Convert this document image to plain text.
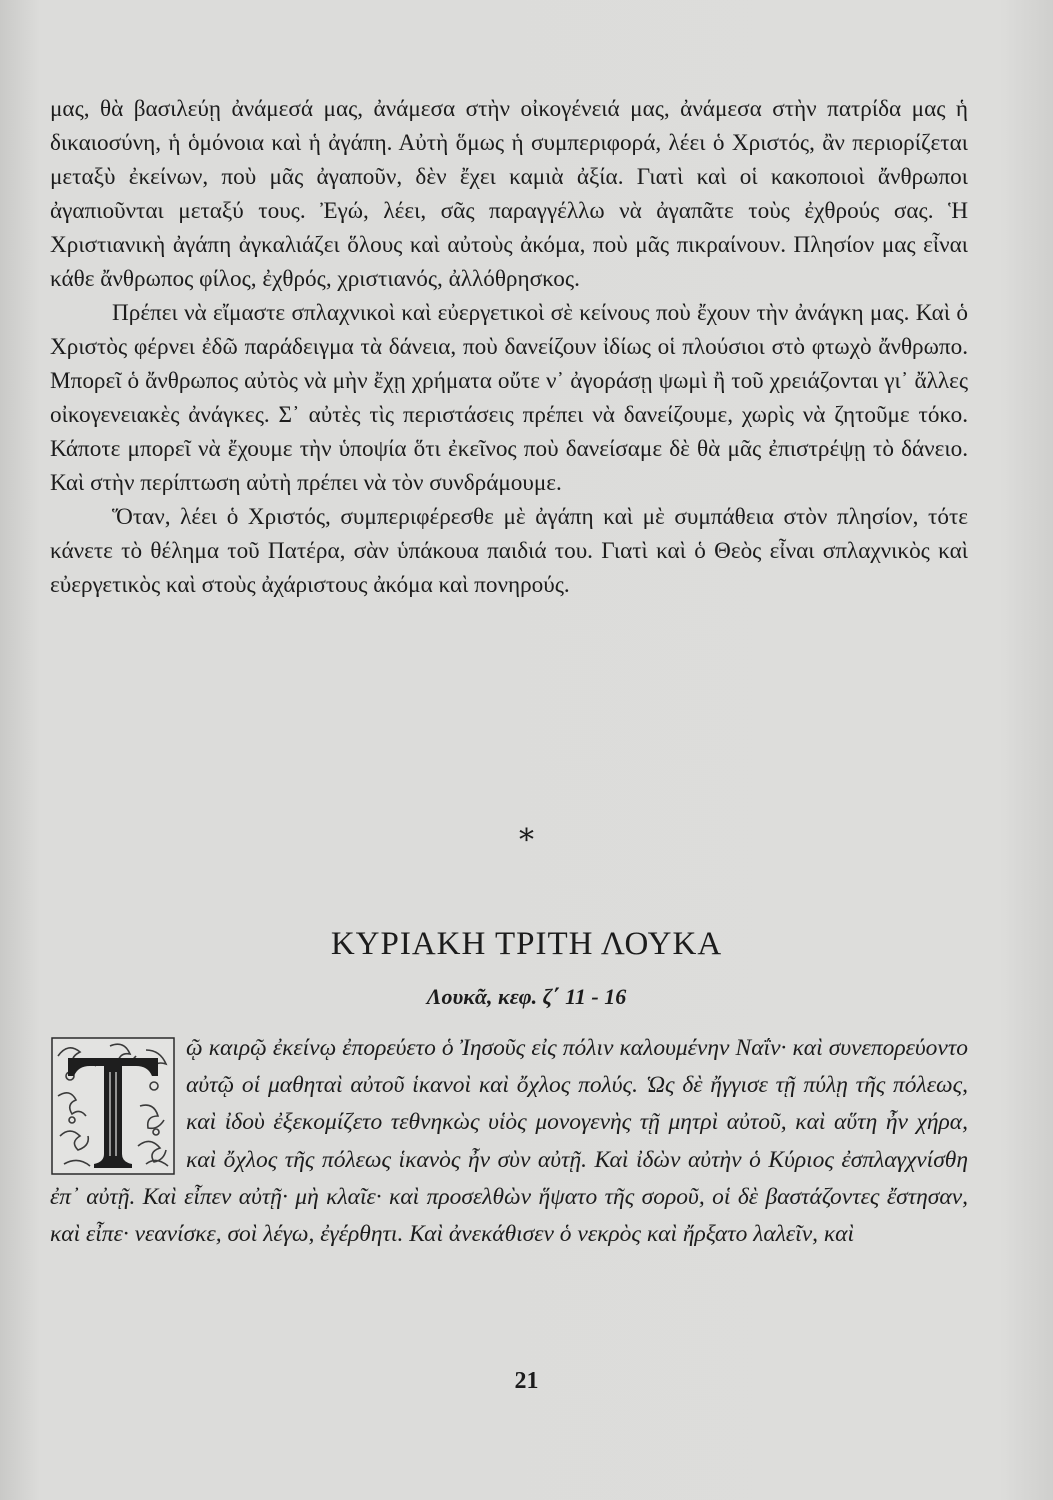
μας, θὰ βασιλεύῃ ἀνάμεσά μας, ἀνάμεσα στὴν οἰκογένειά μας, ἀνάμεσα στὴν πατρίδα μας ἡ δικαιοσύνη, ἡ ὁμόνοια καὶ ἡ ἀγάπη. Αὐτὴ ὅμως ἡ συμπεριφορά, λέει ὁ Χριστός, ἂν περιορίζεται μεταξὺ ἐκείνων, ποὺ μᾶς ἀγαποῦν, δὲν ἔχει καμιὰ ἀξία. Γιατὶ καὶ οἱ κακοποιοὶ ἄνθρωποι ἀγαπιοῦνται μεταξύ τους. Ἐγώ, λέει, σᾶς παραγγέλλω νὰ ἀγαπᾶτε τοὺς ἐχθρούς σας. Ἡ Χριστιανικὴ ἀγάπη ἀγκαλιάζει ὅλους καὶ αὐτοὺς ἀκόμα, ποὺ μᾶς πικραίνουν. Πλησίον μας εἶναι κάθε ἄνθρωπος φίλος, ἐχθρός, χριστιανός, ἀλλόθρησκος.

Πρέπει νὰ εἴμαστε σπλαχνικοὶ καὶ εὐεργετικοὶ σὲ κείνους ποὺ ἔχουν τὴν ἀνάγκη μας. Καὶ ὁ Χριστὸς φέρνει ἐδῶ παράδειγμα τὰ δάνεια, ποὺ δανείζουν ἰδίως οἱ πλούσιοι στὸ φτωχὸ ἄνθρωπο. Μπορεῖ ὁ ἄνθρωπος αὐτὸς νὰ μὴν ἔχῃ χρήματα οὔτε ν᾽ ἀγοράσῃ ψωμὶ ἢ τοῦ χρειάζονται γι᾽ ἄλλες οἰκογενειακὲς ἀνάγκες. Σ᾽ αὐτὲς τὶς περιστάσεις πρέπει νὰ δανείζουμε, χωρὶς νὰ ζητοῦμε τόκο. Κάποτε μπορεῖ νὰ ἔχουμε τὴν ὑποψία ὅτι ἐκεῖνος ποὺ δανείσαμε δὲ θὰ μᾶς ἐπιστρέψῃ τὸ δάνειο. Καὶ στὴν περίπτωση αὐτὴ πρέπει νὰ τὸν συνδράμουμε.

Ὅταν, λέει ὁ Χριστός, συμπεριφέρεσθε μὲ ἀγάπη καὶ μὲ συμπάθεια στὸν πλησίον, τότε κάνετε τὸ θέλημα τοῦ Πατέρα, σὰν ὑπάκουα παιδιά του. Γιατὶ καὶ ὁ Θεὸς εἶναι σπλαχνικὸς καὶ εὐεργετικὸς καὶ στοὺς ἀχάριστους ἀκόμα καὶ πονηρούς.

*
ΚΥΡΙΑΚΗ ΤΡΙΤΗ ΛΟΥΚΑ
Λουκᾶ, κεφ. ζ΄ 11 - 16
ῷ καιρῷ ἐκείνῳ ἐπορεύετο ὁ Ἰησοῦς εἰς πόλιν καλουμένην Ναΐν· καὶ συνεπορεύοντο αὐτῷ οἱ μαθηταὶ αὐτοῦ ἱκανοὶ καὶ ὄχλος πολύς. Ὡς δὲ ἤγγισε τῇ πύλῃ τῆς πόλεως, καὶ ἰδοὺ ἐξεκομίζετο τεθνηκὼς υἱὸς μονογενὴς τῇ μητρὶ αὐτοῦ, καὶ αὕτη ἦν χήρα, καὶ ὄχλος τῆς πόλεως ἱκανὸς ἦν σὺν αὐτῇ. Καὶ ἰδὼν αὐτὴν ὁ Κύριος ἐσπλαγχνίσθη ἐπ᾽ αὐτῇ. Καὶ εἶπεν αὐτῇ· μὴ κλαῖε· καὶ προσελθὼν ἥψατο τῆς σοροῦ, οἱ δὲ βαστάζοντες ἔστησαν, καὶ εἶπε· νεανίσκε, σοὶ λέγω, ἐγέρθητι. Καὶ ἀνεκάθισεν ὁ νεκρὸς καὶ ἤρξατο λαλεῖν, καὶ
21
